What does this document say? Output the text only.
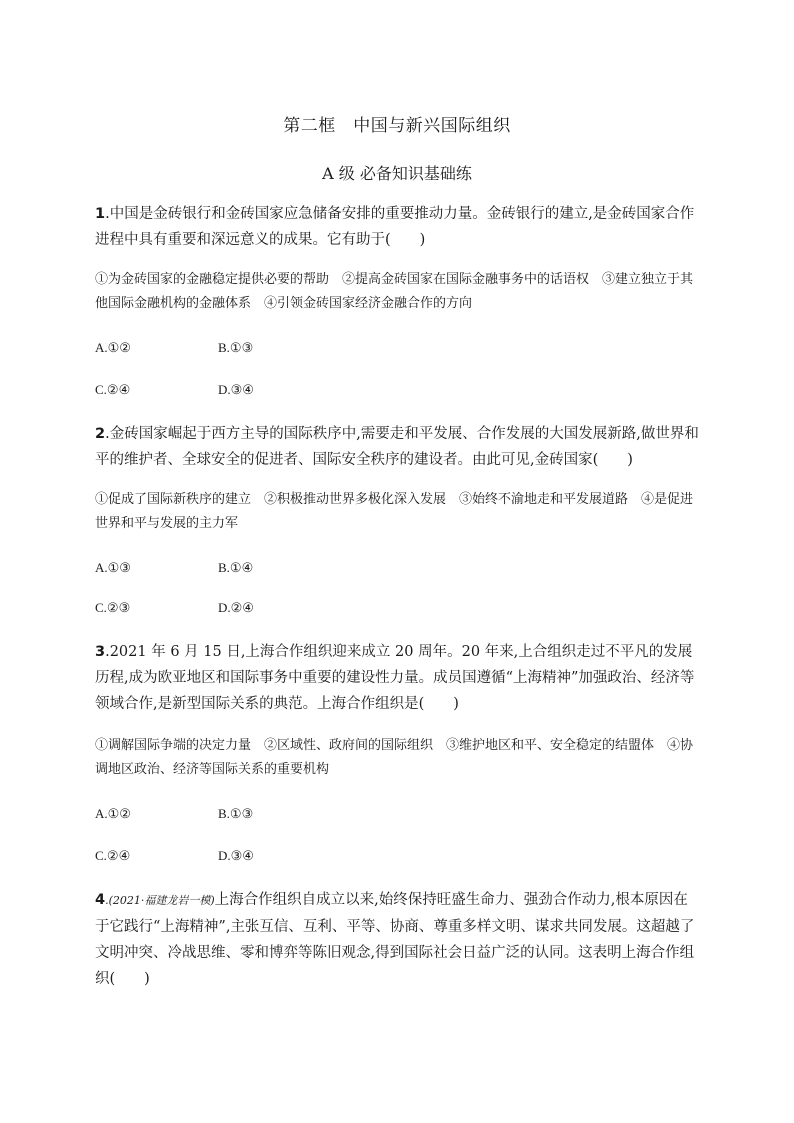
第二框　中国与新兴国际组织
A 级 必备知识基础练
1.中国是金砖银行和金砖国家应急储备安排的重要推动力量。金砖银行的建立,是金砖国家合作进程中具有重要和深远意义的成果。它有助于(　　)
①为金砖国家的金融稳定提供必要的帮助　②提高金砖国家在国际金融事务中的话语权　③建立独立于其他国际金融机构的金融体系　④引领金砖国家经济金融合作的方向
A.①②	B.①③
C.②④	D.③④
2.金砖国家崛起于西方主导的国际秩序中,需要走和平发展、合作发展的大国发展新路,做世界和平的维护者、全球安全的促进者、国际安全秩序的建设者。由此可见,金砖国家(　　)
①促成了国际新秩序的建立　②积极推动世界多极化深入发展　③始终不渝地走和平发展道路　④是促进世界和平与发展的主力军
A.①③	B.①④
C.②③	D.②④
3.2021 年 6 月 15 日,上海合作组织迎来成立 20 周年。20 年来,上合组织走过不平凡的发展历程,成为欧亚地区和国际事务中重要的建设性力量。成员国遵循“上海精神”加强政治、经济等领域合作,是新型国际关系的典范。上海合作组织是(　　)
①调解国际争端的决定力量　②区域性、政府间的国际组织　③维护地区和平、安全稳定的结盟体　④协调地区政治、经济等国际关系的重要机构
A.①②	B.①③
C.②④	D.③④
4.(2021·福建龙岩一模)上海合作组织自成立以来,始终保持旺盛生命力、强劲合作动力,根本原因在于它践行“上海精神”,主张互信、互利、平等、协商、尊重多样文明、谋求共同发展。这超越了文明冲突、冷战思维、零和博弈等陈旧观念,得到国际社会日益广泛的认同。这表明上海合作组织(　　)
